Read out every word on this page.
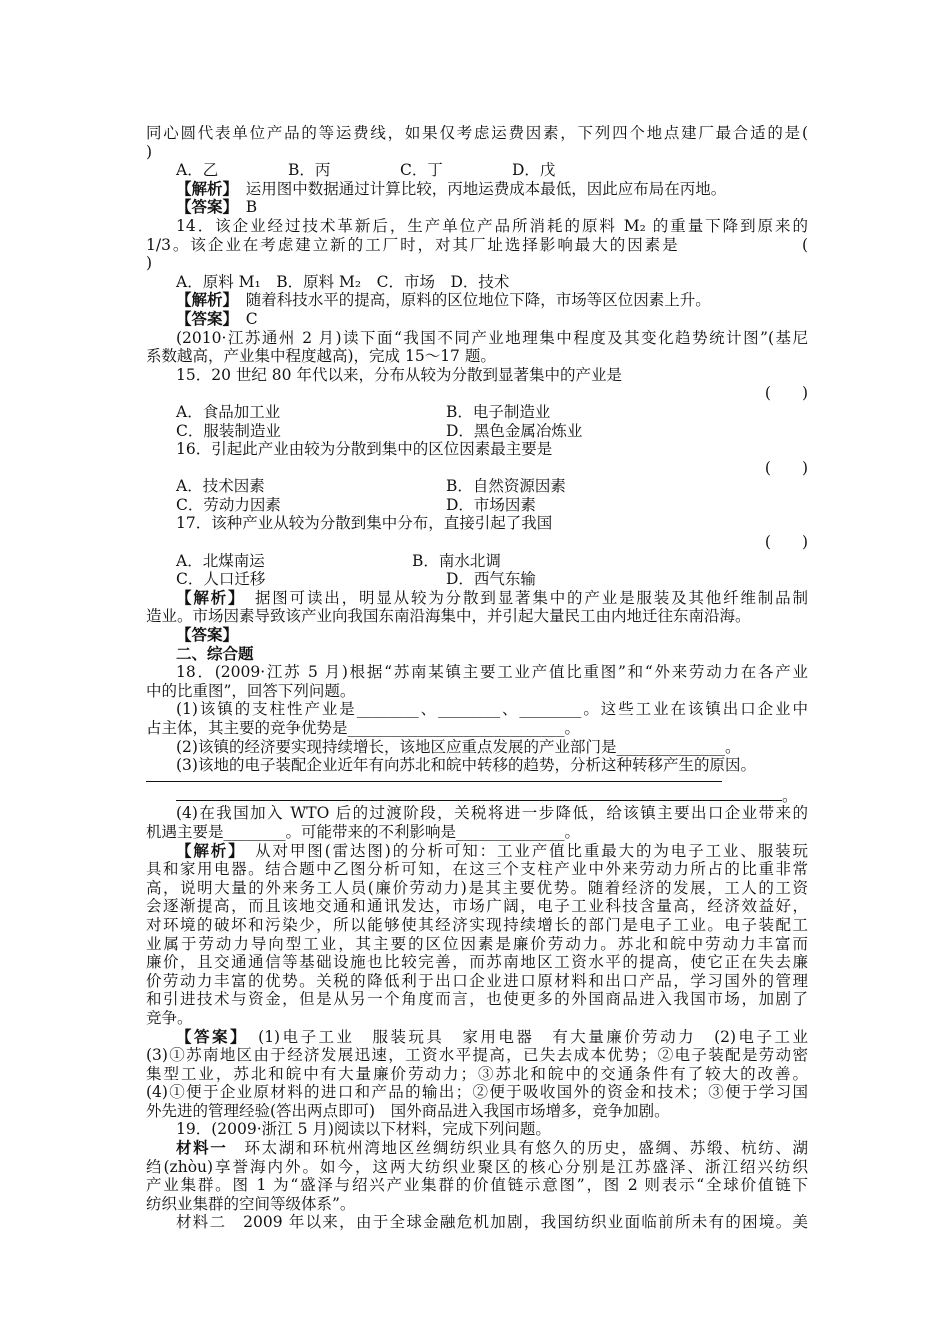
同心圆代表单位产品的等运费线，如果仅考虑运费因素，下列四个地点建厂最合适的是(
)
A．乙	B．丙	C．丁	D．戊
【解析】　运用图中数据通过计算比较，丙地运费成本最低，因此应布局在丙地。
【答案】　B
14．该企业经过技术革新后，生产单位产品所消耗的原料 M₂ 的重量下降到原来的
1/3。该企业在考虑建立新的工厂时，对其厂址选择影响最大的因素是　　　　　　　(
)
A．原料 M₁　B．原料 M₂　C．市场　D．技术
【解析】　随着科技水平的提高，原料的区位地位下降，市场等区位因素上升。
【答案】　C
(2010·江苏通州 2 月)读下面“我国不同产业地理集中程度及其变化趋势统计图”(基尼
系数越高，产业集中程度越高)，完成 15～17 题。
15．20 世纪 80 年代以来，分布从较为分散到显著集中的产业是
(　　)
A．食品加工业	B．电子制造业
C．服装制造业	D．黑色金属冶炼业
16．引起此产业由较为分散到集中的区位因素最主要是
(　　)
A．技术因素	B．自然资源因素
C．劳动力因素	D．市场因素
17．该种产业从较为分散到集中分布，直接引起了我国
(　　)
A．北煤南运	B．南水北调
C．人口迁移	D．西气东输
【解析】　据图可读出，明显从较为分散到显著集中的产业是服装及其他纤维制品制
造业。市场因素导致该产业向我国东南沿海集中，并引起大量民工由内地迁往东南沿海。
【答案】
二、综合题
18．(2009·江苏 5 月)根据“苏南某镇主要工业产值比重图”和“外来劳动力在各产业
中的比重图”，回答下列问题。
(1)该镇的支柱性产业是________、________、________。这些工业在该镇出口企业中
占主体，其主要的竞争优势是____________________________。
(2)该镇的经济要实现持续增长，该地区应重点发展的产业部门是______________。
(3)该地的电子装配企业近年有向苏北和皖中转移的趋势，分析这种转移产生的原因。
。
(4)在我国加入 WTO 后的过渡阶段，关税将进一步降低，给该镇主要出口企业带来的
机遇主要是________。可能带来的不利影响是______________。
【解析】　从对甲图(雷达图)的分析可知：工业产值比重最大的为电子工业、服装玩
具和家用电器。结合题中乙图分析可知，在这三个支柱产业中外来劳动力所占的比重非常
高，说明大量的外来务工人员(廉价劳动力)是其主要优势。随着经济的发展，工人的工资
会逐渐提高，而且该地交通和通讯发达，市场广阔，电子工业科技含量高，经济效益好，
对环境的破坏和污染少，所以能够使其经济实现持续增长的部门是电子工业。电子装配工
业属于劳动力导向型工业，其主要的区位因素是廉价劳动力。苏北和皖中劳动力丰富而
廉价，且交通通信等基础设施也比较完善，而苏南地区工资水平的提高，使它正在失去廉
价劳动力丰富的优势。关税的降低利于出口企业进口原材料和出口产品，学习国外的管理
和引进技术与资金，但是从另一个角度而言，也使更多的外国商品进入我国市场，加剧了
竞争。
【答案】　(1)电子工业　服装玩具　家用电器　有大量廉价劳动力　(2)电子工业
(3)①苏南地区由于经济发展迅速，工资水平提高，已失去成本优势；②电子装配是劳动密
集型工业，苏北和皖中有大量廉价劳动力；③苏北和皖中的交通条件有了较大的改善。
(4)①便于企业原材料的进口和产品的输出；②便于吸收国外的资金和技术；③便于学习国
外先进的管理经验(答出两点即可)　国外商品进入我国市场增多，竞争加剧。
19．(2009·浙江 5 月)阅读以下材料，完成下列问题。
材料一　环太湖和环杭州湾地区丝绸纺织业具有悠久的历史，盛绸、苏缎、杭纺、湖
绉(zhòu)享誉海内外。如今，这两大纺织业聚区的核心分别是江苏盛泽、浙江绍兴纺织
产业集群。图 1 为“盛泽与绍兴产业集群的价值链示意图”，图 2 则表示“全球价值链下
纺织业集群的空间等级体系”。
材料二　2009 年以来，由于全球金融危机加剧，我国纺织业面临前所未有的困境。美
